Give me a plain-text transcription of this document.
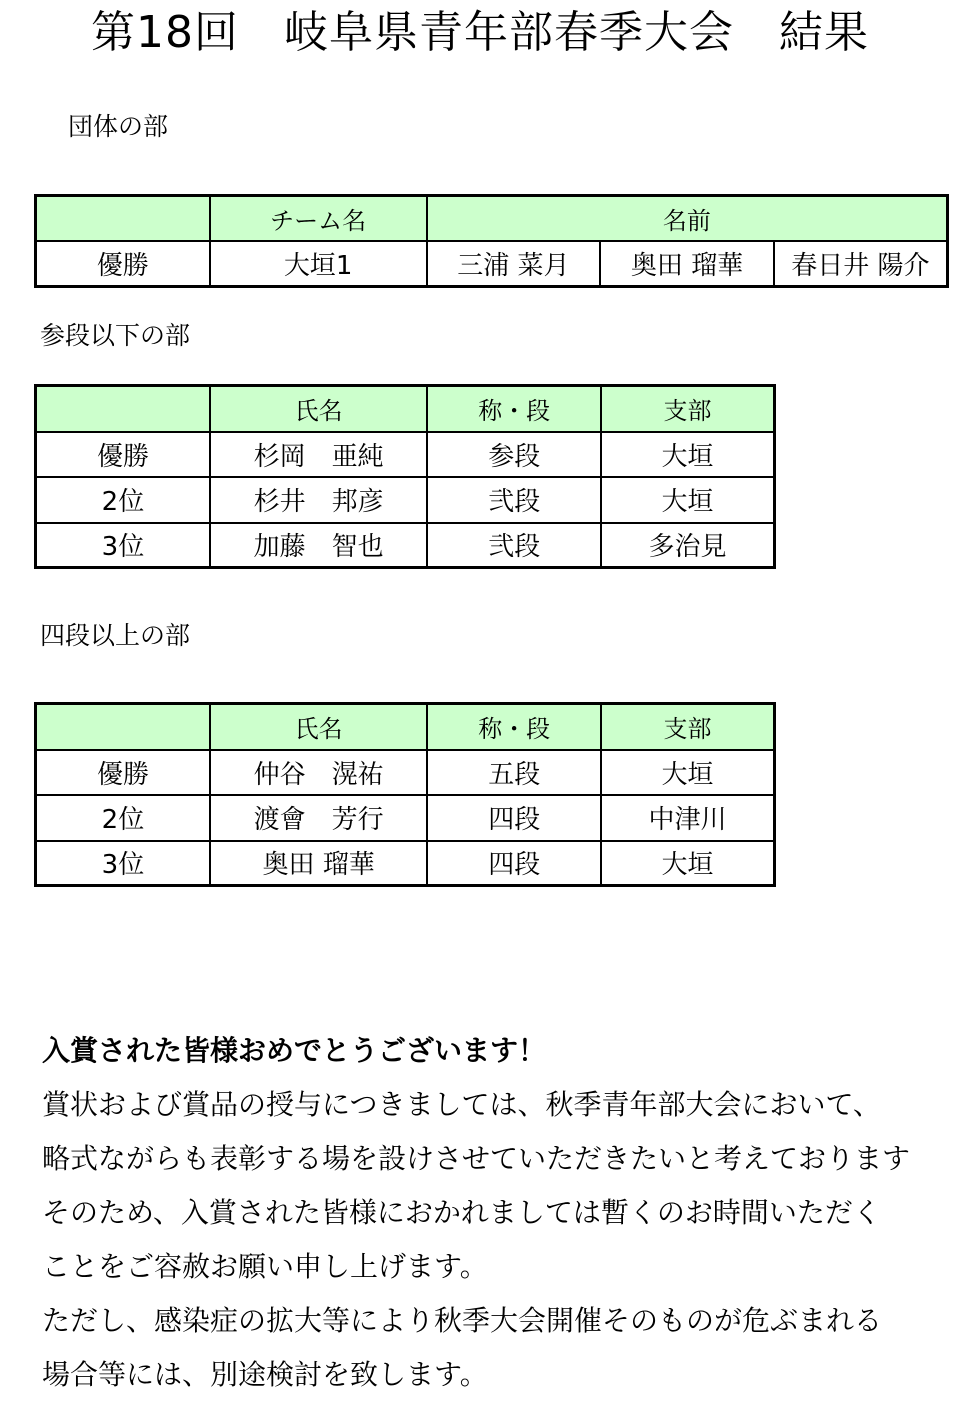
第18回　岐阜県青年部春季大会　結果
団体の部
	チーム名	名前		
優勝	大垣1	三浦 菜月	奥田 瑠華	春日井 陽介
参段以下の部
	氏名	称・段	支部
優勝	杉岡　亜純	参段	大垣
2位	杉井　邦彦	弐段	大垣
3位	加藤　智也	弐段	多治見
四段以上の部
	氏名	称・段	支部
優勝	仲谷　滉祐	五段	大垣
2位	渡會　芳行	四段	中津川
3位	奥田 瑠華	四段	大垣
入賞された皆様おめでとうございます！
賞状および賞品の授与につきましては、秋季青年部大会において、
略式ながらも表彰する場を設けさせていただきたいと考えております
そのため、入賞された皆様におかれましては暫くのお時間いただく
ことをご容赦お願い申し上げます。
ただし、感染症の拡大等により秋季大会開催そのものが危ぶまれる
場合等には、別途検討を致します。
